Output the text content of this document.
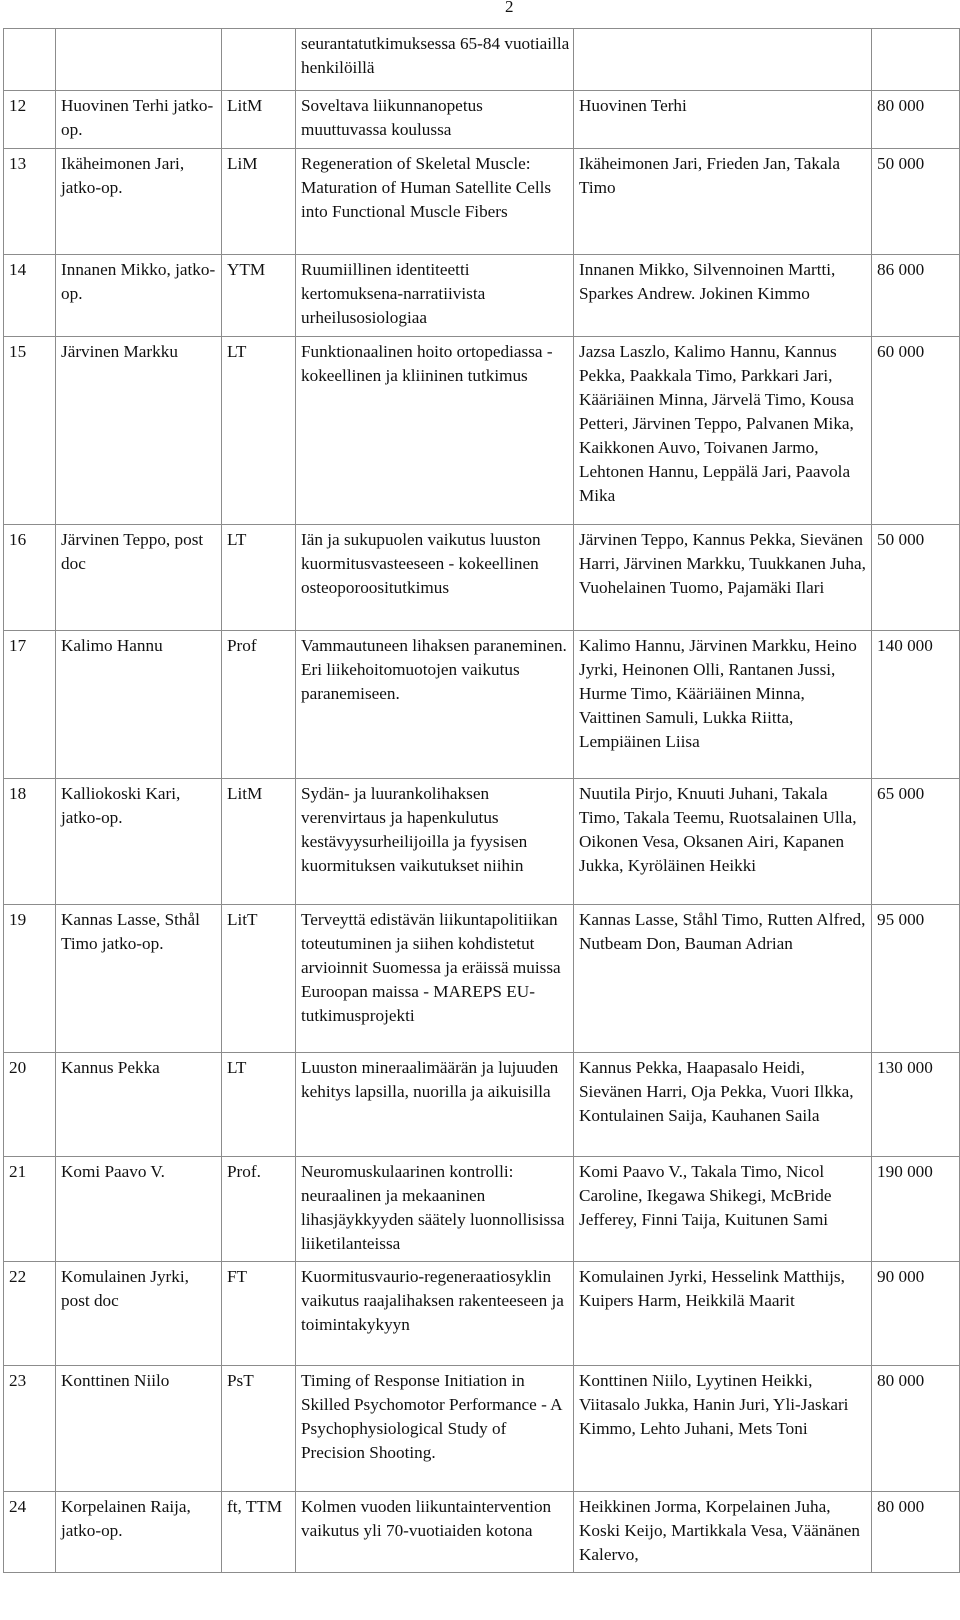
2
			seurantatutkimuksessa 65-84 vuotiailla henkilöillä		
12	Huovinen Terhi jatko-op.	LitM	Soveltava liikunnanopetus muuttuvassa koulussa	Huovinen Terhi	80 000
13	Ikäheimonen Jari, jatko-op.	LiM	Regeneration of Skeletal Muscle: Maturation of Human Satellite Cells into Functional Muscle Fibers	Ikäheimonen Jari, Frieden Jan, Takala Timo	50 000
14	Innanen Mikko, jatko-op.	YTM	Ruumiillinen identiteetti kertomuksena-narratiivista urheilusosiologiaa	Innanen Mikko, Silvennoinen Martti, Sparkes Andrew. Jokinen Kimmo	86 000
15	Järvinen Markku	LT	Funktionaalinen hoito ortopediassa - kokeellinen ja kliininen tutkimus	Jazsa Laszlo, Kalimo Hannu, Kannus Pekka, Paakkala Timo, Parkkari Jari, Kääriäinen Minna, Järvelä Timo, Kousa Petteri, Järvinen Teppo, Palvanen Mika, Kaikkonen Auvo, Toivanen Jarmo, Lehtonen Hannu, Leppälä Jari, Paavola Mika	60 000
16	Järvinen Teppo, post doc	LT	Iän ja sukupuolen vaikutus luuston kuormitusvasteeseen - kokeellinen osteoporoositutkimus	Järvinen Teppo, Kannus Pekka, Sievänen Harri, Järvinen Markku, Tuukkanen Juha, Vuohelainen Tuomo, Pajamäki Ilari	50 000
17	Kalimo Hannu	Prof	Vammautuneen lihaksen paraneminen. Eri liikehoitomuotojen vaikutus paranemiseen.	Kalimo Hannu, Järvinen Markku, Heino Jyrki, Heinonen Olli, Rantanen Jussi, Hurme Timo, Kääriäinen Minna, Vaittinen Samuli, Lukka Riitta, Lempiäinen Liisa	140 000
18	Kalliokoski Kari, jatko-op.	LitM	Sydän- ja luurankolihaksen verenvirtaus ja hapenkulutus kestävyysurheilijoilla ja fyysisen kuormituksen vaikutukset niihin	Nuutila Pirjo, Knuuti Juhani, Takala Timo, Takala Teemu, Ruotsalainen Ulla, Oikonen Vesa, Oksanen Airi, Kapanen Jukka, Kyröläinen Heikki	65 000
19	Kannas Lasse, Sthål Timo jatko-op.	LitT	Terveyttä edistävän liikuntapolitiikan toteutuminen ja siihen kohdistetut arvioinnit Suomessa ja eräissä muissa Euroopan maissa - MAREPS EU-tutkimusprojekti	Kannas Lasse, Ståhl Timo, Rutten Alfred, Nutbeam Don, Bauman Adrian	95 000
20	Kannus Pekka	LT	Luuston mineraalimäärän ja lujuuden kehitys lapsilla, nuorilla ja aikuisilla	Kannus Pekka, Haapasalo Heidi, Sievänen Harri, Oja Pekka, Vuori Ilkka, Kontulainen Saija, Kauhanen Saila	130 000
21	Komi Paavo V.	Prof.	Neuromuskulaarinen kontrolli: neuraalinen ja mekaaninen lihasjäykkyyden säätely luonnollisissa liiketilanteissa	Komi Paavo V., Takala Timo, Nicol Caroline, Ikegawa Shikegi, McBride Jefferey, Finni Taija, Kuitunen Sami	190 000
22	Komulainen Jyrki, post doc	FT	Kuormitusvaurio-regeneraatiosyklin vaikutus raajalihaksen rakenteeseen ja toimintakykyyn	Komulainen Jyrki, Hesselink Matthijs, Kuipers Harm, Heikkilä Maarit	90 000
23	Konttinen Niilo	PsT	Timing of Response Initiation in Skilled Psychomotor Performance - A Psychophysiological Study of Precision Shooting.	Konttinen Niilo, Lyytinen Heikki, Viitasalo Jukka, Hanin Juri, Yli-Jaskari Kimmo, Lehto Juhani, Mets Toni	80 000
24	Korpelainen Raija, jatko-op.	ft, TTM	Kolmen vuoden liikuntaintervention vaikutus yli 70-vuotiaiden kotona	Heikkinen Jorma, Korpelainen Juha, Koski Keijo, Martikkala Vesa, Väänänen Kalervo,	80 000
